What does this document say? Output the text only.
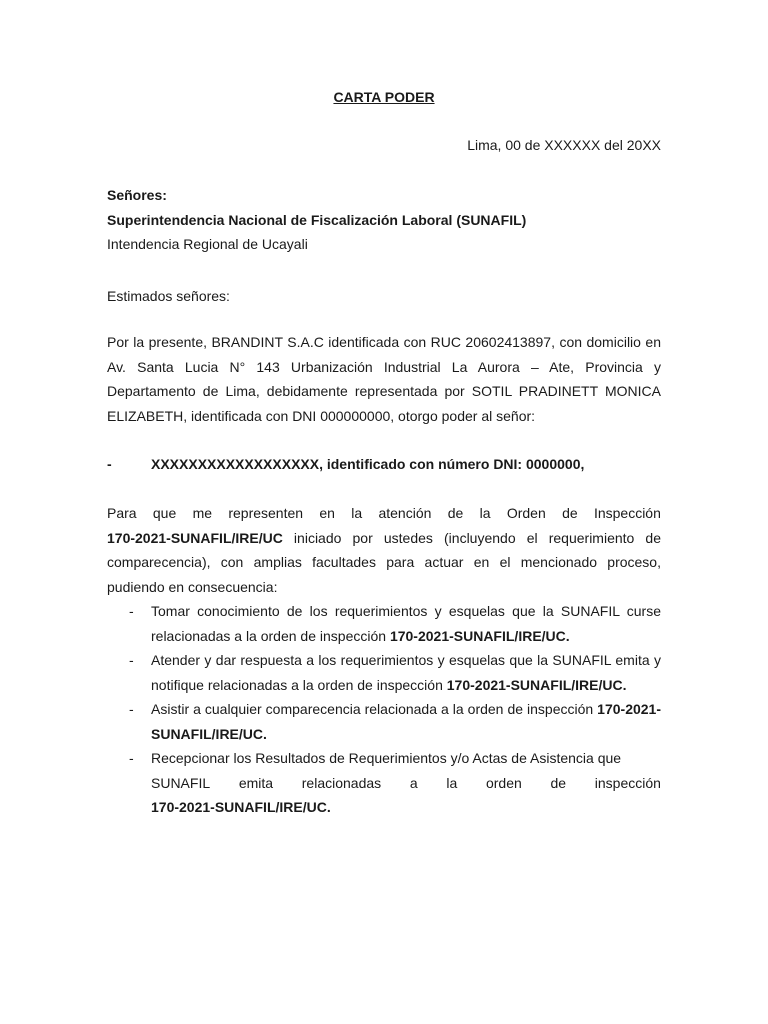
CARTA PODER
Lima, 00 de XXXXXX del 20XX
Señores:
Superintendencia Nacional de Fiscalización Laboral (SUNAFIL)
Intendencia Regional de Ucayali
Estimados señores:
Por la presente, BRANDINT S.A.C identificada con RUC 20602413897, con domicilio en Av. Santa Lucia N° 143 Urbanización Industrial La Aurora – Ate, Provincia y Departamento de Lima, debidamente representada por SOTIL PRADINETT MONICA ELIZABETH, identificada con DNI 000000000, otorgo poder al señor:
-	XXXXXXXXXXXXXXXXXX, identificado con número DNI: 0000000,
Para que me representen en la atención de la Orden de Inspección
170-2021-SUNAFIL/IRE/UC iniciado por ustedes (incluyendo el requerimiento de comparecencia), con amplias facultades para actuar en el mencionado proceso, pudiendo en consecuencia:
- Tomar conocimiento de los requerimientos y esquelas que la SUNAFIL curse relacionadas a la orden de inspección 170-2021-SUNAFIL/IRE/UC.
- Atender y dar respuesta a los requerimientos y esquelas que la SUNAFIL emita y notifique relacionadas a la orden de inspección 170-2021-SUNAFIL/IRE/UC.
- Asistir a cualquier comparecencia relacionada a la orden de inspección 170-2021-SUNAFIL/IRE/UC.
- Recepcionar los Resultados de Requerimientos y/o Actas de Asistencia que
SUNAFIL emita relacionadas a la orden de inspección
170-2021-SUNAFIL/IRE/UC.
